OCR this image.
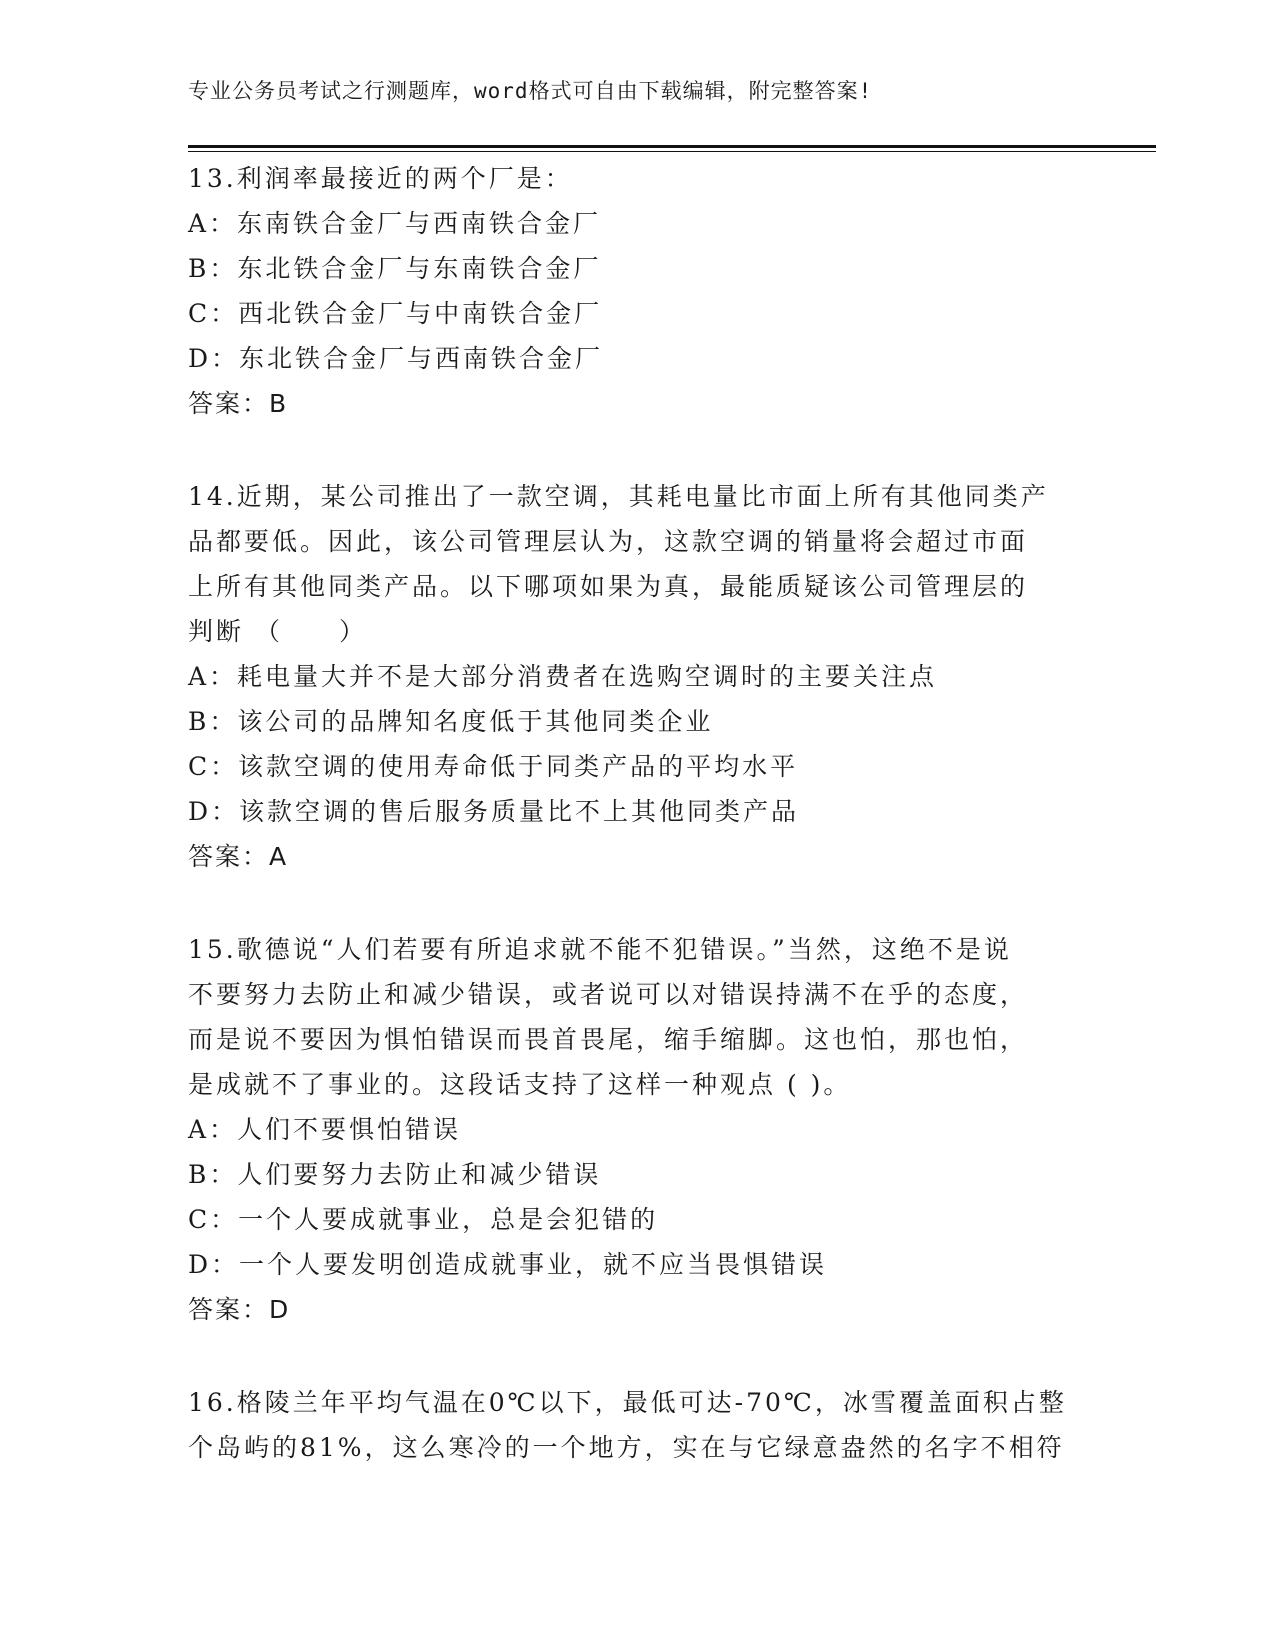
专业公务员考试之行测题库，word格式可自由下载编辑，附完整答案!
13.利润率最接近的两个厂是：
A：东南铁合金厂与西南铁合金厂
B：东北铁合金厂与东南铁合金厂
C：西北铁合金厂与中南铁合金厂
D：东北铁合金厂与西南铁合金厂
答案：B
14.近期，某公司推出了一款空调，其耗电量比市面上所有其他同类产
品都要低。因此，该公司管理层认为，这款空调的销量将会超过市面
上所有其他同类产品。以下哪项如果为真，最能质疑该公司管理层的
判断 （　　）
A：耗电量大并不是大部分消费者在选购空调时的主要关注点
B：该公司的品牌知名度低于其他同类企业
C：该款空调的使用寿命低于同类产品的平均水平
D：该款空调的售后服务质量比不上其他同类产品
答案：A
15.歌德说“人们若要有所追求就不能不犯错误。”当然，这绝不是说
不要努力去防止和减少错误，或者说可以对错误持满不在乎的态度，
而是说不要因为惧怕错误而畏首畏尾，缩手缩脚。这也怕，那也怕，
是成就不了事业的。这段话支持了这样一种观点 ( )。
A：人们不要惧怕错误
B：人们要努力去防止和减少错误
C：一个人要成就事业，总是会犯错的
D：一个人要发明创造成就事业，就不应当畏惧错误
答案：D
16.格陵兰年平均气温在0℃以下，最低可达-70℃，冰雪覆盖面积占整
个岛屿的81%，这么寒冷的一个地方，实在与它绿意盎然的名字不相符
